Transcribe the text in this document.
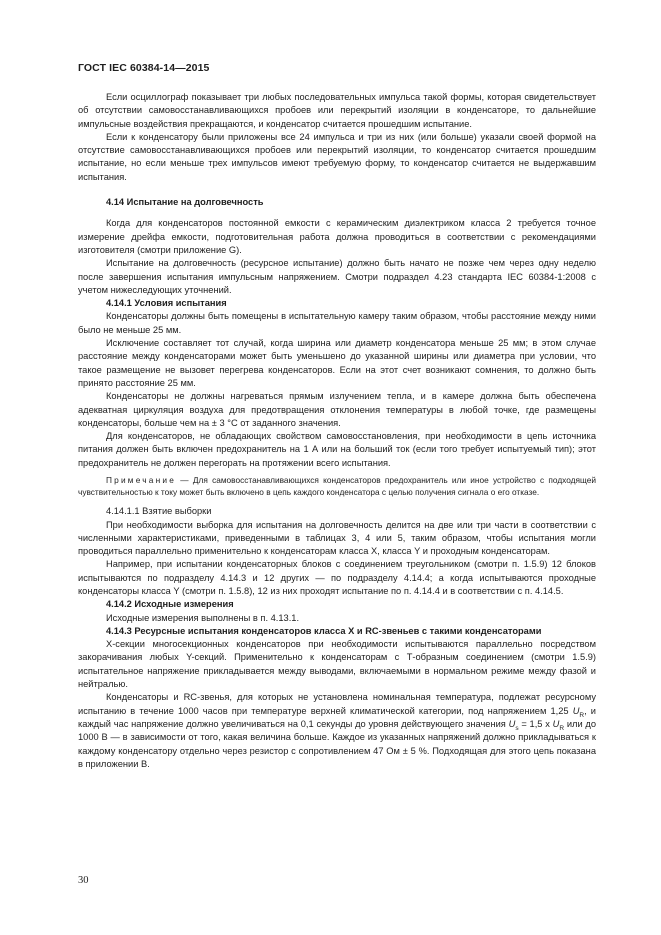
ГОСТ IEC 60384-14—2015

Если осциллограф показывает три любых последовательных импульса такой формы, которая свидетельствует об отсутствии самовосстанавливающихся пробоев или перекрытий изоляции в конденсаторе, то дальнейшие импульсные воздействия прекращаются, и конденсатор считается прошедшим испытание.

Если к конденсатору были приложены все 24 импульса и три из них (или больше) указали своей формой на отсутствие самовосстанавливающихся пробоев или перекрытий изоляции, то конденсатор считается прошедшим испытание, но если меньше трех импульсов имеют требуемую форму, то конденсатор считается не выдержавшим испытания.

4.14 Испытание на долговечность

Когда для конденсаторов постоянной емкости с керамическим диэлектриком класса 2 требуется точное измерение дрейфа емкости, подготовительная работа должна проводиться в соответствии с рекомендациями изготовителя (смотри приложение G).

Испытание на долговечность (ресурсное испытание) должно быть начато не позже чем через одну неделю после завершения испытания импульсным напряжением. Смотри подраздел 4.23 стандарта IEC 60384-1:2008 с учетом нижеследующих уточнений.

4.14.1 Условия испытания

Конденсаторы должны быть помещены в испытательную камеру таким образом, чтобы расстояние между ними было не меньше 25 мм.

Исключение составляет тот случай, когда ширина или диаметр конденсатора меньше 25 мм; в этом случае расстояние между конденсаторами может быть уменьшено до указанной ширины или диаметра при условии, что такое размещение не вызовет перегрева конденсаторов. Если на этот счет возникают сомнения, то должно быть принято расстояние 25 мм.

Конденсаторы не должны нагреваться прямым излучением тепла, и в камере должна быть обеспечена адекватная циркуляция воздуха для предотвращения отклонения температуры в любой точке, где размещены конденсаторы, больше чем на ± 3 °С от заданного значения.

Для конденсаторов, не обладающих свойством самовосстановления, при необходимости в цепь источника питания должен быть включен предохранитель на 1 А или на больший ток (если того требует испытуемый тип); этот предохранитель не должен перегорать на протяжении всего испытания.

Примечание — Для самовосстанавливающихся конденсаторов предохранитель или иное устройство с подходящей чувствительностью к току может быть включено в цепь каждого конденсатора с целью получения сигнала о его отказе.

4.14.1.1 Взятие выборки

При необходимости выборка для испытания на долговечность делится на две или три части в соответствии с численными характеристиками, приведенными в таблицах 3, 4 или 5, таким образом, чтобы испытания могли проводиться параллельно применительно к конденсаторам класса X, класса Y и проходным конденсаторам.

Например, при испытании конденсаторных блоков с соединением треугольником (смотри п. 1.5.9) 12 блоков испытываются по подразделу 4.14.3 и 12 других — по подразделу 4.14.4; а когда испытываются проходные конденсаторы класса Y (смотри п. 1.5.8), 12 из них проходят испытание по п. 4.14.4 и в соответствии с п. 4.14.5.

4.14.2 Исходные измерения

Исходные измерения выполнены в п. 4.13.1.

4.14.3 Ресурсные испытания конденсаторов класса X и RC-звеньев с такими конденсаторами

X-секции многосекционных конденсаторов при необходимости испытываются параллельно посредством закорачивания любых Y-секций. Применительно к конденсаторам с Т-образным соединением (смотри 1.5.9) испытательное напряжение прикладывается между выводами, включаемыми в нормальном режиме между фазой и нейтралью.

Конденсаторы и RC-звенья, для которых не установлена номинальная температура, подлежат ресурсному испытанию в течение 1000 часов при температуре верхней климатической категории, под напряжением 1,25 $U_R$, и каждый час напряжение должно увеличиваться на 0,1 секунды до уровня действующего значения $U_s = 1,5$ x $U_R$ или до 1000 В — в зависимости от того, какая величина больше. Каждое из указанных напряжений должно прикладываться к каждому конденсатору отдельно через резистор с сопротивлением 47 Ом ± 5 %. Подходящая для этого цепь показана в приложении В.

30
